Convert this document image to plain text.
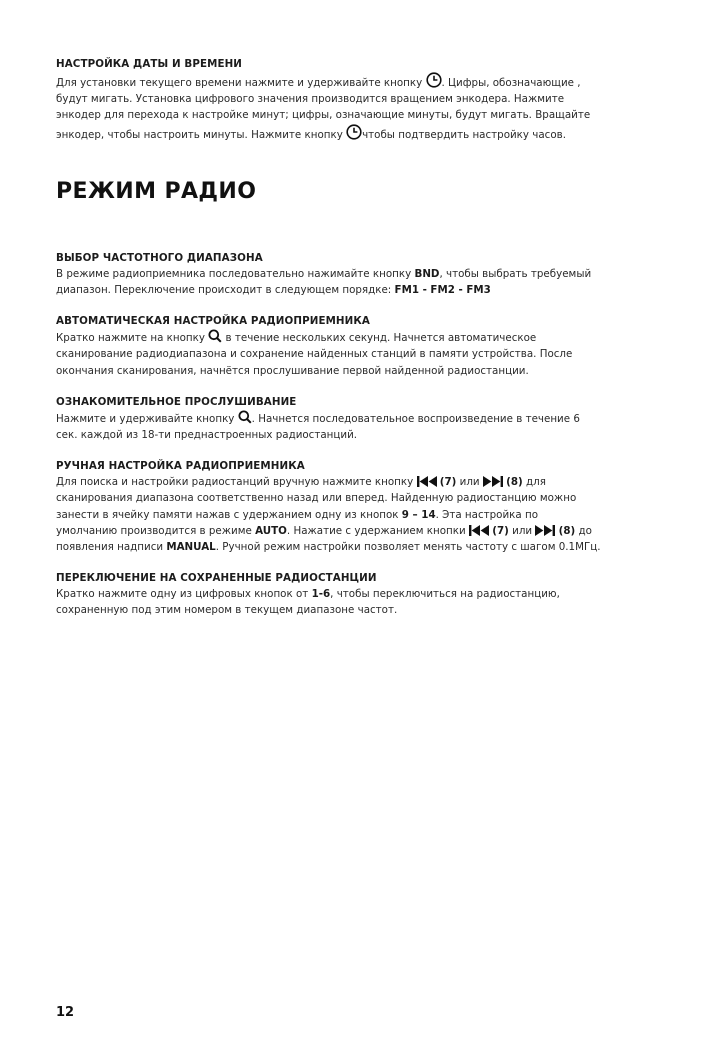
НАСТРОЙКА ДАТЫ И ВРЕМЕНИ

Для установки текущего времени нажмите и удерживайте кнопку . Цифры, обозначающие ,
будут мигать. Установка цифрового значения производится вращением энкодера. Нажмите
энкодер для перехода к настройке минут; цифры, означающие минуты, будут мигать. Вращайте
энкодер, чтобы настроить минуты. Нажмите кнопку чтобы подтвердить настройку часов.

РЕЖИМ РАДИО
ВЫБОР ЧАСТОТНОГО ДИАПАЗОНА

В режиме радиоприемника последовательно нажимайте кнопку BND, чтобы выбрать требуемый
диапазон. Переключение происходит в следующем порядке: FM1 - FM2 - FM3

АВТОМАТИЧЕСКАЯ НАСТРОЙКА РАДИОПРИЕМНИКА

Кратко нажмите на кнопку в течение нескольких секунд. Начнется автоматическое
сканирование радиодиапазона и сохранение найденных станций в памяти устройства. После
окончания сканирования, начнётся прослушивание первой найденной радиостанции.

ОЗНАКОМИТЕЛЬНОЕ ПРОСЛУШИВАНИЕ

Нажмите и удерживайте кнопку . Начнется последовательное воспроизведение в течение 6
сек. каждой из 18-ти преднастроенных радиостанций.

РУЧНАЯ НАСТРОЙКА РАДИОПРИЕМНИКА

Для поиска и настройки радиостанций вручную нажмите кнопку	(7) или	(8) для
сканирования диапазона соответственно назад или вперед. Найденную радиостанцию можно
занести в ячейку памяти нажав с удержанием одну из кнопок 9 – 14. Эта настройка по
умолчанию производится в режиме AUTO. Нажатие с удержанием кнопки	(7) или	(8) до
появления надписи MANUAL. Ручной режим настройки позволяет менять частоту с шагом 0.1МГц.

ПЕРЕКЛЮЧЕНИЕ НА СОХРАНЕННЫЕ РАДИОСТАНЦИИ

Кратко нажмите одну из цифровых кнопок от 1-6, чтобы переключиться на радиостанцию,
сохраненную под этим номером в текущем диапазоне частот.

12
